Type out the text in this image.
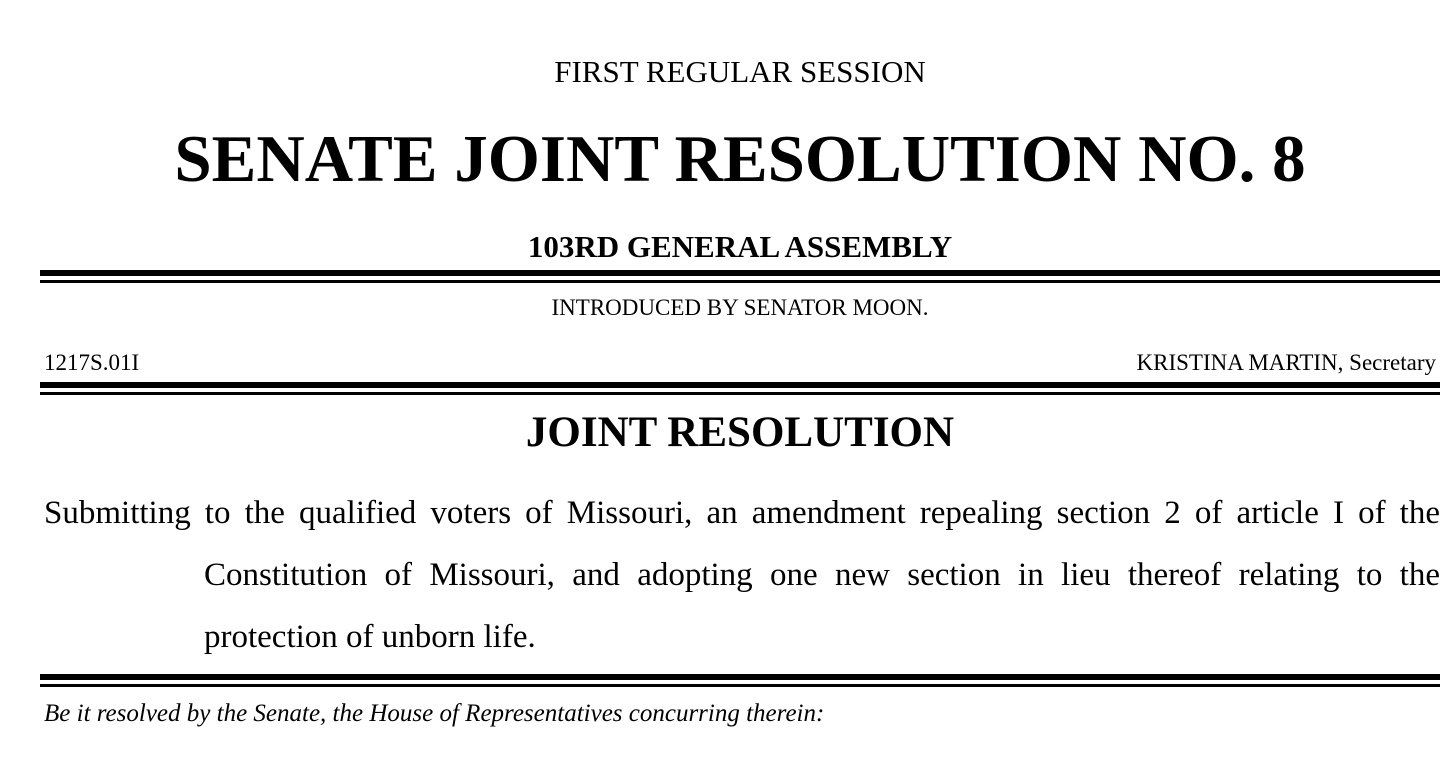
FIRST REGULAR SESSION
SENATE JOINT RESOLUTION NO. 8
103RD GENERAL ASSEMBLY
INTRODUCED BY SENATOR MOON.
1217S.01I	KRISTINA MARTIN, Secretary
JOINT RESOLUTION
Submitting to the qualified voters of Missouri, an amendment repealing section 2 of article I of the
Constitution of Missouri, and adopting one new section in lieu thereof relating to the
protection of unborn life.
Be it resolved by the Senate, the House of Representatives concurring therein:
